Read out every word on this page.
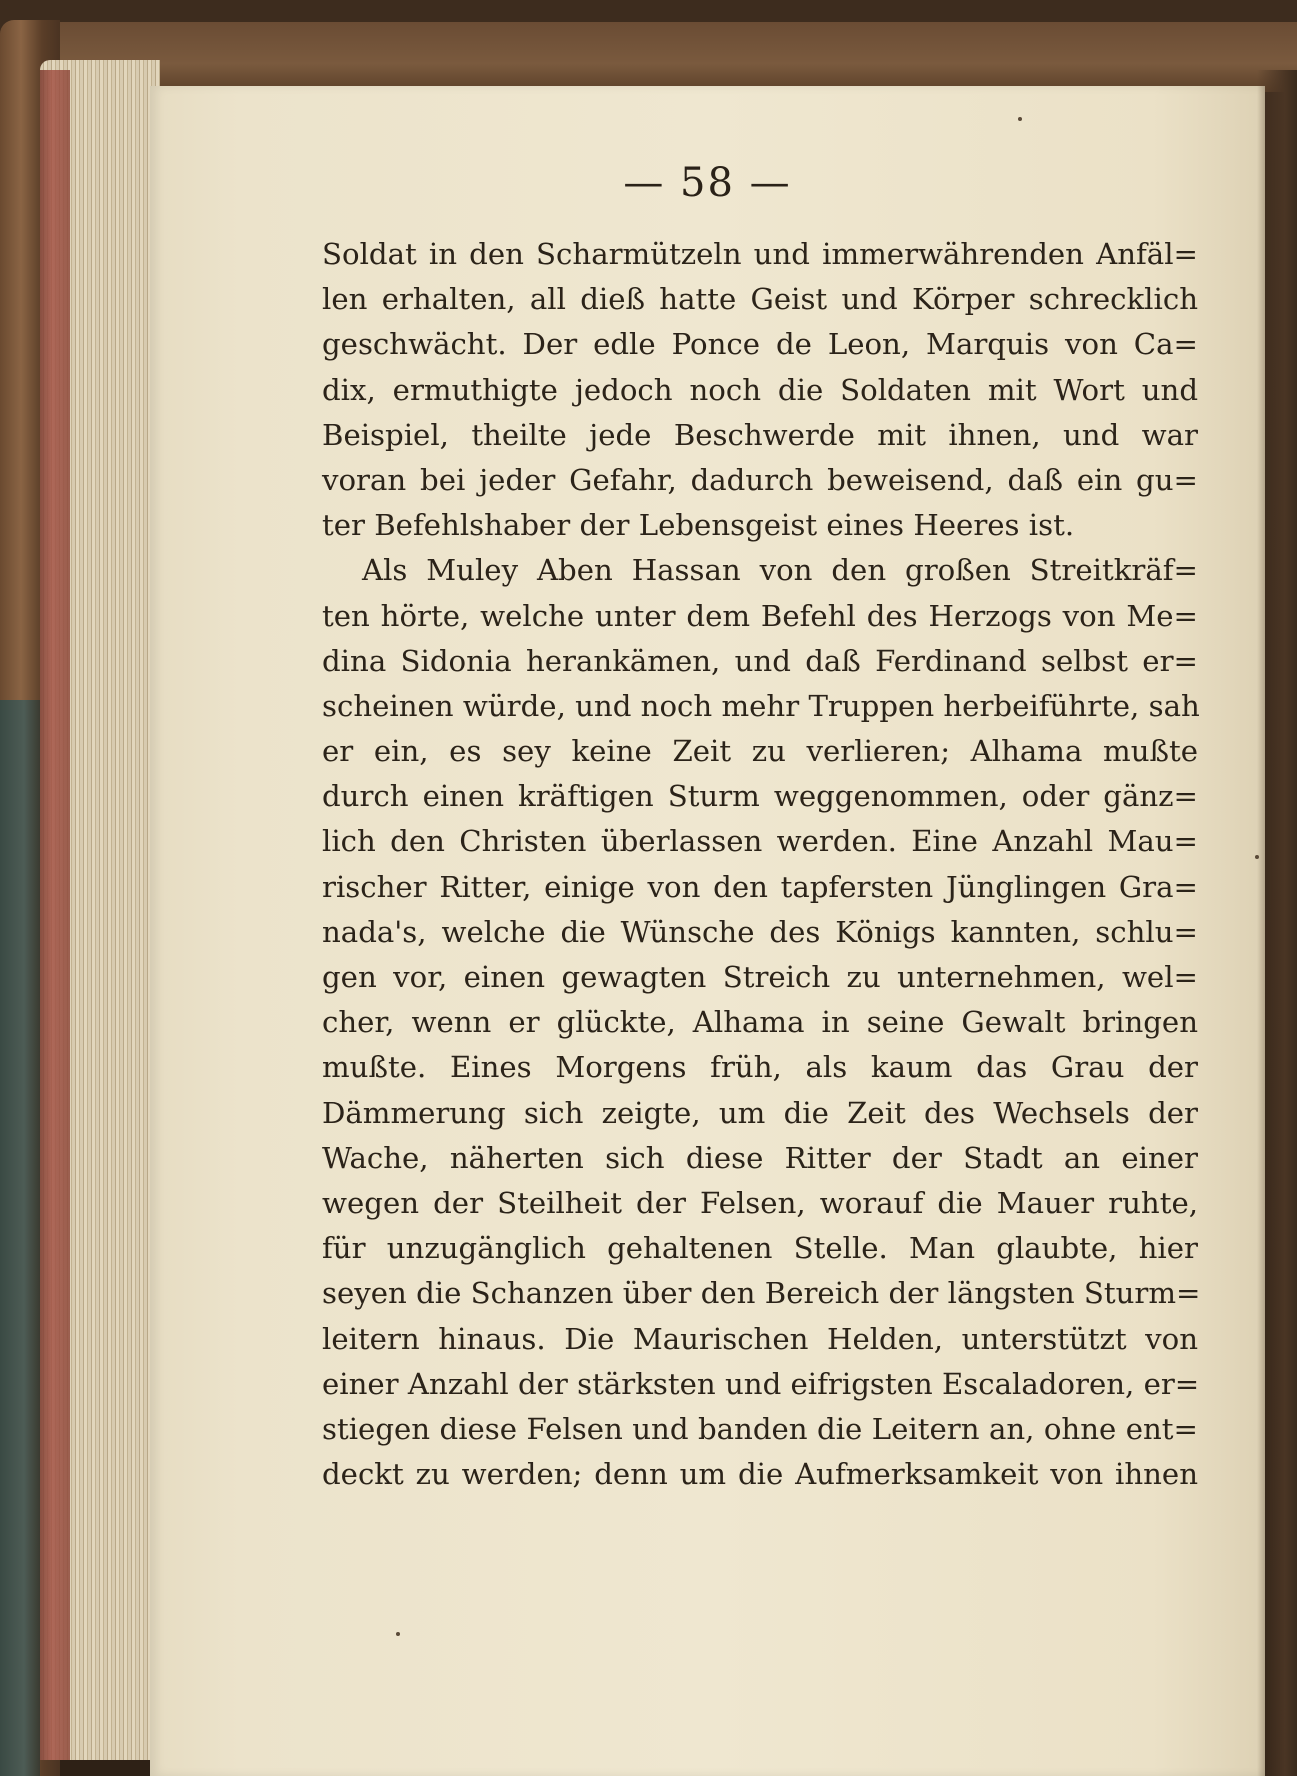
— 58 —
Soldat in den Scharmützeln und immerwährenden Anfäl=
len erhalten, all dieß hatte Geist und Körper schrecklich
geschwächt. Der edle Ponce de Leon, Marquis von Ca=
dix, ermuthigte jedoch noch die Soldaten mit Wort und
Beispiel, theilte jede Beschwerde mit ihnen, und war
voran bei jeder Gefahr, dadurch beweisend, daß ein gu=
ter Befehlshaber der Lebensgeist eines Heeres ist.
Als Muley Aben Hassan von den großen Streitkräf=
ten hörte, welche unter dem Befehl des Herzogs von Me=
dina Sidonia herankämen, und daß Ferdinand selbst er=
scheinen würde, und noch mehr Truppen herbeiführte, sah
er ein, es sey keine Zeit zu verlieren; Alhama mußte
durch einen kräftigen Sturm weggenommen, oder gänz=
lich den Christen überlassen werden. Eine Anzahl Mau=
rischer Ritter, einige von den tapfersten Jünglingen Gra=
nada's, welche die Wünsche des Königs kannten, schlu=
gen vor, einen gewagten Streich zu unternehmen, wel=
cher, wenn er glückte, Alhama in seine Gewalt bringen
mußte. Eines Morgens früh, als kaum das Grau der
Dämmerung sich zeigte, um die Zeit des Wechsels der
Wache, näherten sich diese Ritter der Stadt an einer
wegen der Steilheit der Felsen, worauf die Mauer ruhte,
für unzugänglich gehaltenen Stelle. Man glaubte, hier
seyen die Schanzen über den Bereich der längsten Sturm=
leitern hinaus. Die Maurischen Helden, unterstützt von
einer Anzahl der stärksten und eifrigsten Escaladoren, er=
stiegen diese Felsen und banden die Leitern an, ohne ent=
deckt zu werden; denn um die Aufmerksamkeit von ihnen
